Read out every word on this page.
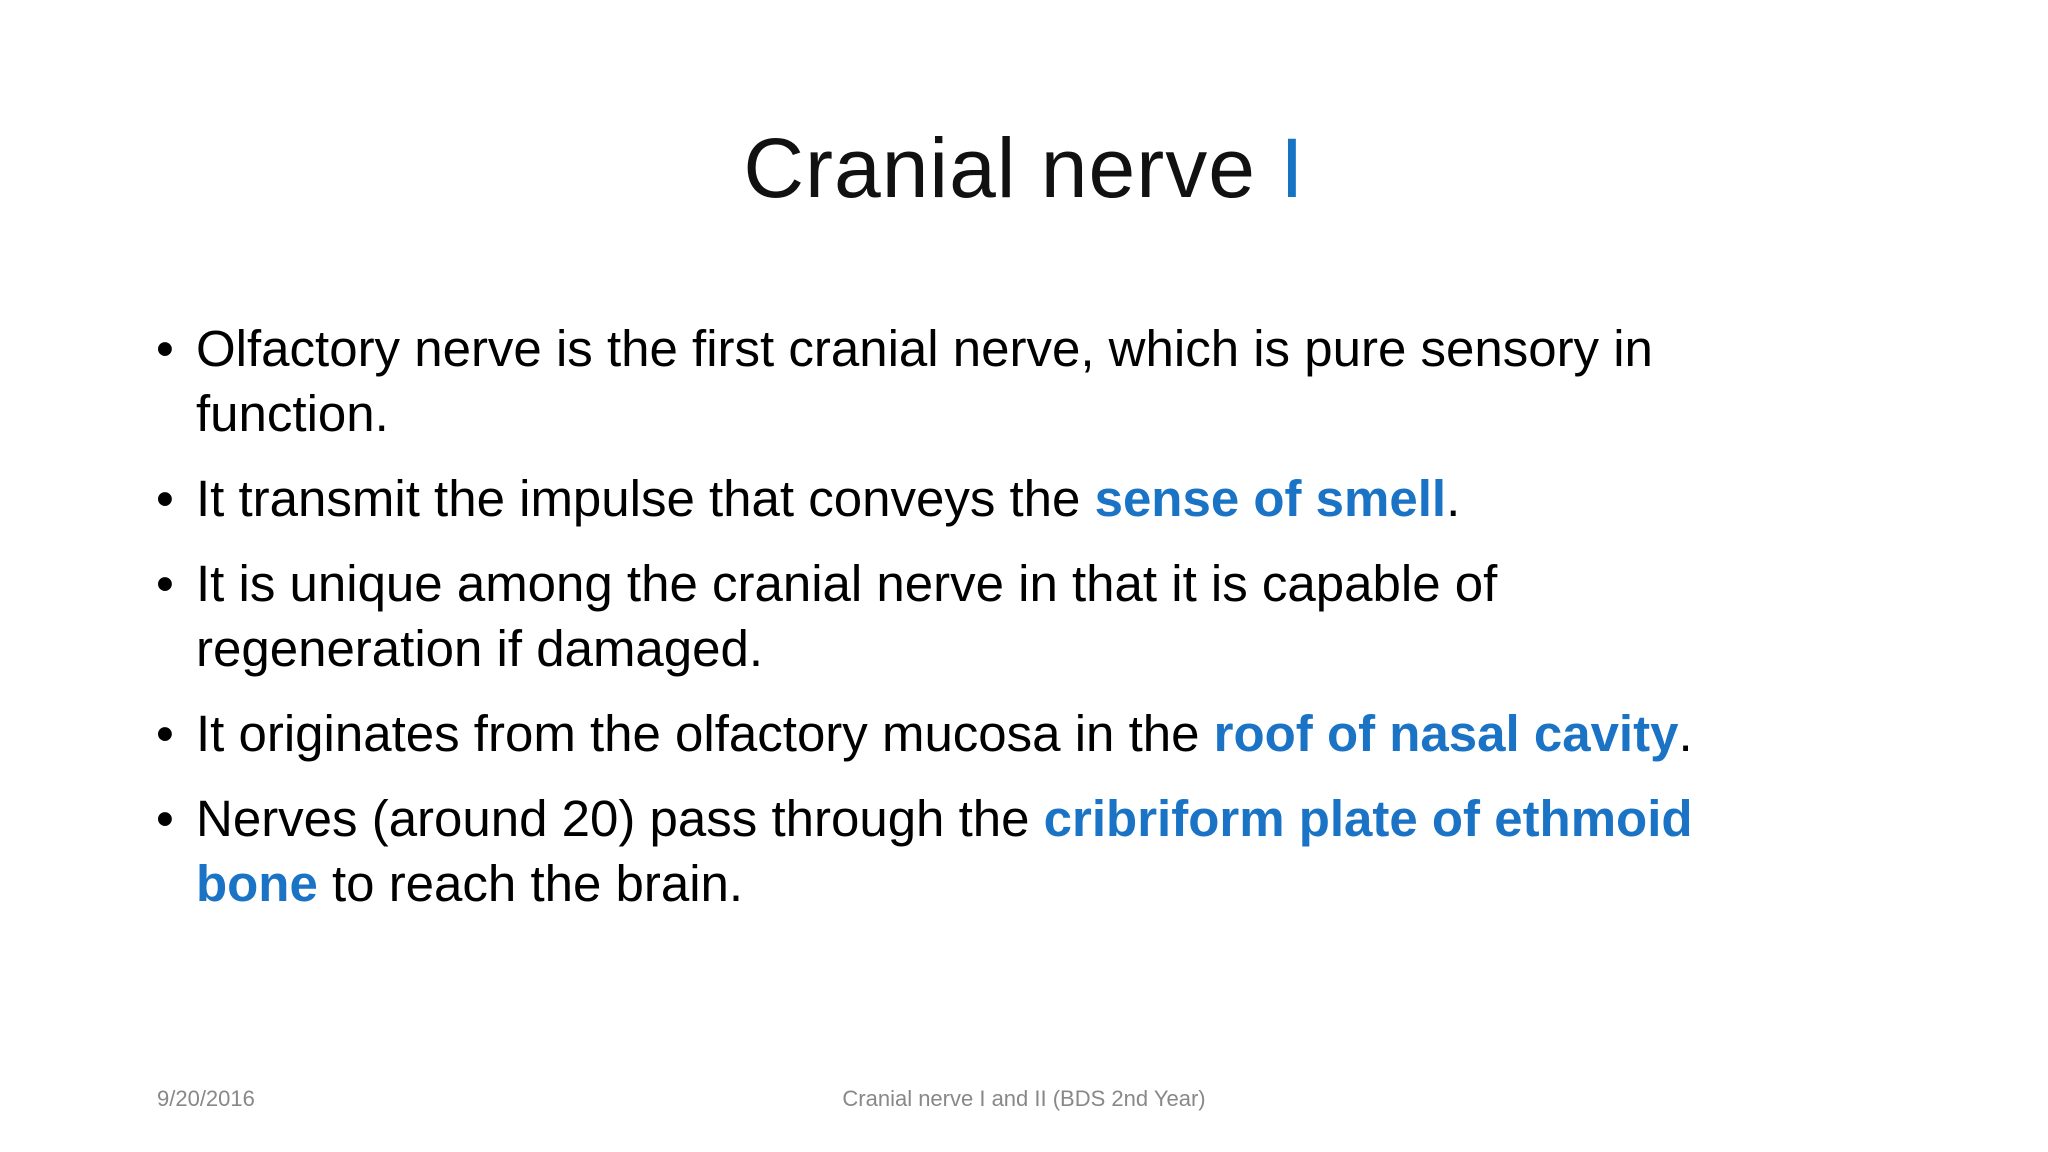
Cranial nerve I
• Olfactory nerve is the first cranial nerve, which is pure sensory in function.
• It transmit the impulse that conveys the sense of smell.
• It is unique among the cranial nerve in that it is capable of regeneration if damaged.
• It originates from the olfactory mucosa in the roof of nasal cavity.
• Nerves (around 20) pass through the cribriform plate of ethmoid bone to reach the brain.
9/20/2016	Cranial nerve I and II (BDS 2nd Year)
